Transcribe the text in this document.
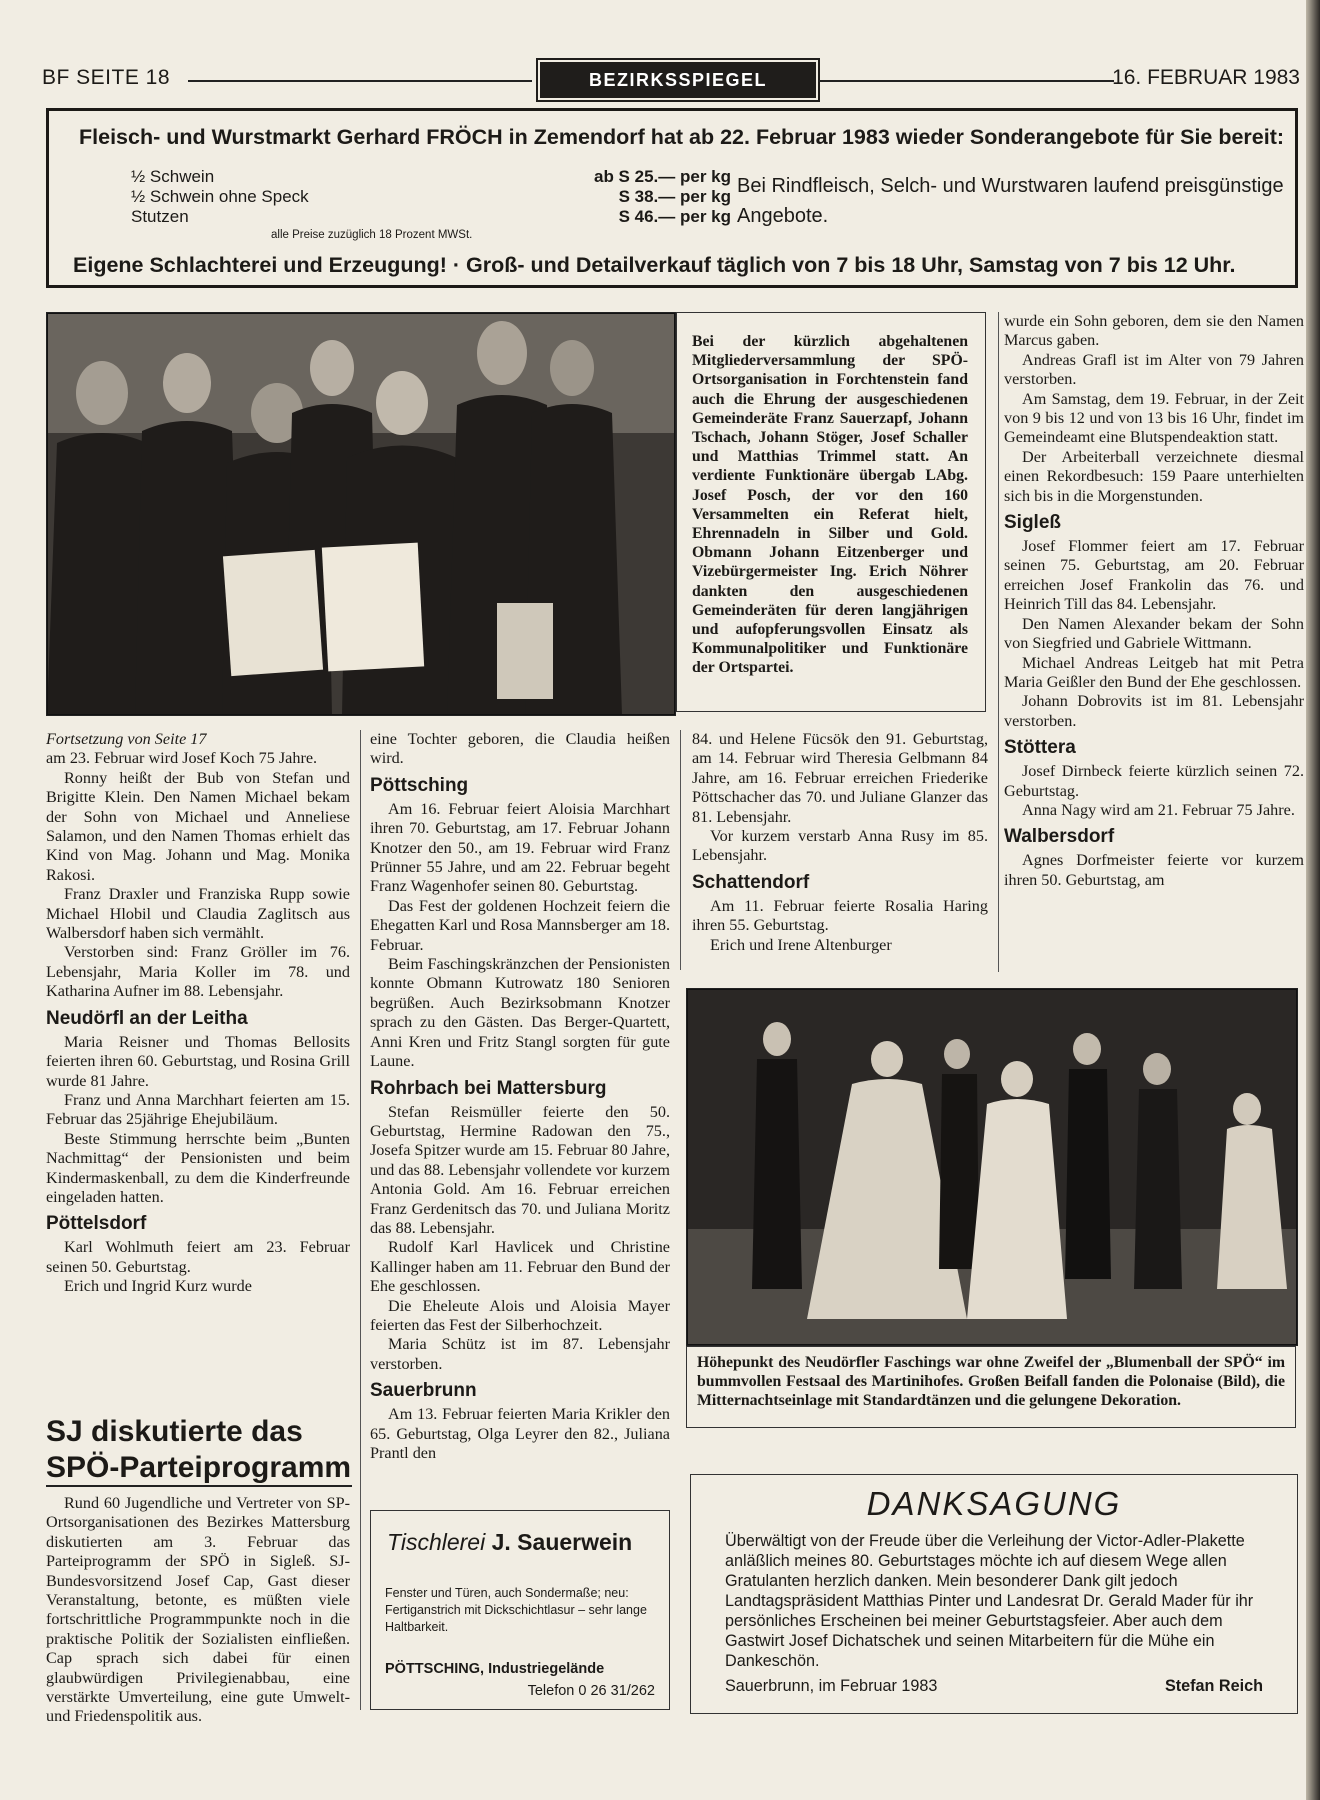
BF SEITE 18	BEZIRKSSPIEGEL	16. FEBRUAR 1983
Fleisch- und Wurstmarkt Gerhard FRÖCH in Zemendorf hat ab 22. Februar 1983 wieder Sonderangebote für Sie bereit:
½ Schwein	ab S 25.— per kg
½ Schwein ohne Speck	S 38.— per kg
Stutzen	S 46.— per kg
alle Preise zuzüglich 18 Prozent MWSt.
Bei Rindfleisch, Selch- und Wurstwaren laufend preisgünstige Angebote.
Eigene Schlachterei und Erzeugung! · Groß- und Detailverkauf täglich von 7 bis 18 Uhr, Samstag von 7 bis 12 Uhr.
Bei der kürzlich abgehaltenen Mitgliederversammlung der SPÖ-Ortsorganisation in Forchtenstein fand auch die Ehrung der ausgeschiedenen Gemeinderäte Franz Sauerzapf, Johann Tschach, Johann Stöger, Josef Schaller und Matthias Trimmel statt. An verdiente Funktionäre übergab LAbg. Josef Posch, der vor den 160 Versammelten ein Referat hielt, Ehrennadeln in Silber und Gold. Obmann Johann Eitzenberger und Vizebürgermeister Ing. Erich Nöhrer dankten den ausgeschiedenen Gemeinderäten für deren langjährigen und aufopferungsvollen Einsatz als Kommunalpolitiker und Funktionäre der Ortspartei.

wurde ein Sohn geboren, dem sie den Namen Marcus gaben.

Andreas Grafl ist im Alter von 79 Jahren verstorben.

Am Samstag, dem 19. Februar, in der Zeit von 9 bis 12 und von 13 bis 16 Uhr, findet im Gemeindeamt eine Blutspendeaktion statt.

Der Arbeiterball verzeichnete diesmal einen Rekordbesuch: 159 Paare unterhielten sich bis in die Morgenstunden.

Sigleß

Josef Flommer feiert am 17. Februar seinen 75. Geburtstag, am 20. Februar erreichen Josef Frankolin das 76. und Heinrich Till das 84. Lebensjahr.

Den Namen Alexander bekam der Sohn von Siegfried und Gabriele Wittmann.

Michael Andreas Leitgeb hat mit Petra Maria Geißler den Bund der Ehe geschlossen.

Johann Dobrovits ist im 81. Lebensjahr verstorben.

Stöttera

Josef Dirnbeck feierte kürzlich seinen 72. Geburtstag.

Anna Nagy wird am 21. Februar 75 Jahre.

Walbersdorf

Agnes Dorfmeister feierte vor kurzem ihren 50. Geburtstag, am

Fortsetzung von Seite 17

am 23. Februar wird Josef Koch 75 Jahre.

Ronny heißt der Bub von Stefan und Brigitte Klein. Den Namen Michael bekam der Sohn von Michael und Anneliese Salamon, und den Namen Thomas erhielt das Kind von Mag. Johann und Mag. Monika Rakosi.

Franz Draxler und Franziska Rupp sowie Michael Hlobil und Claudia Zaglitsch aus Walbersdorf haben sich vermählt.

Verstorben sind: Franz Gröller im 76. Lebensjahr, Maria Koller im 78. und Katharina Aufner im 88. Lebensjahr.

Neudörfl an der Leitha

Maria Reisner und Thomas Bellosits feierten ihren 60. Geburtstag, und Rosina Grill wurde 81 Jahre.

Franz und Anna Marchhart feierten am 15. Februar das 25jährige Ehejubiläum.

Beste Stimmung herrschte beim „Bunten Nachmittag“ der Pensionisten und beim Kindermaskenball, zu dem die Kinderfreunde eingeladen hatten.

Pöttelsdorf

Karl Wohlmuth feiert am 23. Februar seinen 50. Geburtstag.

Erich und Ingrid Kurz wurde

SJ diskutierte das SPÖ-Parteiprogramm

Rund 60 Jugendliche und Vertreter von SP-Ortsorganisationen des Bezirkes Mattersburg diskutierten am 3. Februar das Parteiprogramm der SPÖ in Sigleß. SJ-Bundesvorsitzend Josef Cap, Gast dieser Veranstaltung, betonte, es müßten viele fortschrittliche Programmpunkte noch in die praktische Politik der Sozialisten einfließen. Cap sprach sich dabei für einen glaubwürdigen Privilegienabbau, eine verstärkte Umverteilung, eine gute Umwelt- und Friedenspolitik aus.

eine Tochter geboren, die Claudia heißen wird.

Pöttsching

Am 16. Februar feiert Aloisia Marchhart ihren 70. Geburtstag, am 17. Februar Johann Knotzer den 50., am 19. Februar wird Franz Prünner 55 Jahre, und am 22. Februar begeht Franz Wagenhofer seinen 80. Geburtstag.

Das Fest der goldenen Hochzeit feiern die Ehegatten Karl und Rosa Mannsberger am 18. Februar.

Beim Faschingskränzchen der Pensionisten konnte Obmann Kutrowatz 180 Senioren begrüßen. Auch Bezirksobmann Knotzer sprach zu den Gästen. Das Berger-Quartett, Anni Kren und Fritz Stangl sorgten für gute Laune.

Rohrbach bei Mattersburg

Stefan Reismüller feierte den 50. Geburtstag, Hermine Radowan den 75., Josefa Spitzer wurde am 15. Februar 80 Jahre, und das 88. Lebensjahr vollendete vor kurzem Antonia Gold. Am 16. Februar erreichen Franz Gerdenitsch das 70. und Juliana Moritz das 88. Lebensjahr.

Rudolf Karl Havlicek und Christine Kallinger haben am 11. Februar den Bund der Ehe geschlossen.

Die Eheleute Alois und Aloisia Mayer feierten das Fest der Silberhochzeit.

Maria Schütz ist im 87. Lebensjahr verstorben.

Sauerbrunn

Am 13. Februar feierten Maria Krikler den 65. Geburtstag, Olga Leyrer den 82., Juliana Prantl den

84. und Helene Fücsök den 91. Geburtstag, am 14. Februar wird Theresia Gelbmann 84 Jahre, am 16. Februar erreichen Friederike Pöttschacher das 70. und Juliane Glanzer das 81. Lebensjahr.

Vor kurzem verstarb Anna Rusy im 85. Lebensjahr.

Schattendorf

Am 11. Februar feierte Rosalia Haring ihren 55. Geburtstag.

Erich und Irene Altenburger

Höhepunkt des Neudörfler Faschings war ohne Zweifel der „Blumenball der SPÖ“ im bummvollen Festsaal des Martinihofes. Großen Beifall fanden die Polonaise (Bild), die Mitternachtseinlage mit Standardtänzen und die gelungene Dekoration.
Tischlerei J. Sauerwein
Fenster und Türen, auch Sondermaße; neu: Fertiganstrich mit Dickschichtlasur – sehr lange Haltbarkeit.
PÖTTSCHING, Industriegelände
Telefon 0 26 31/262
DANKSAGUNG
Überwältigt von der Freude über die Verleihung der Victor-Adler-Plakette anläßlich meines 80. Geburtstages möchte ich auf diesem Wege allen Gratulanten herzlich danken. Mein besonderer Dank gilt jedoch Landtagspräsident Matthias Pinter und Landesrat Dr. Gerald Mader für ihr persönliches Erscheinen bei meiner Geburtstagsfeier. Aber auch dem Gastwirt Josef Dichatschek und seinen Mitarbeitern für die Mühe ein Dankeschön.
Sauerbrunn, im Februar 1983	Stefan Reich
